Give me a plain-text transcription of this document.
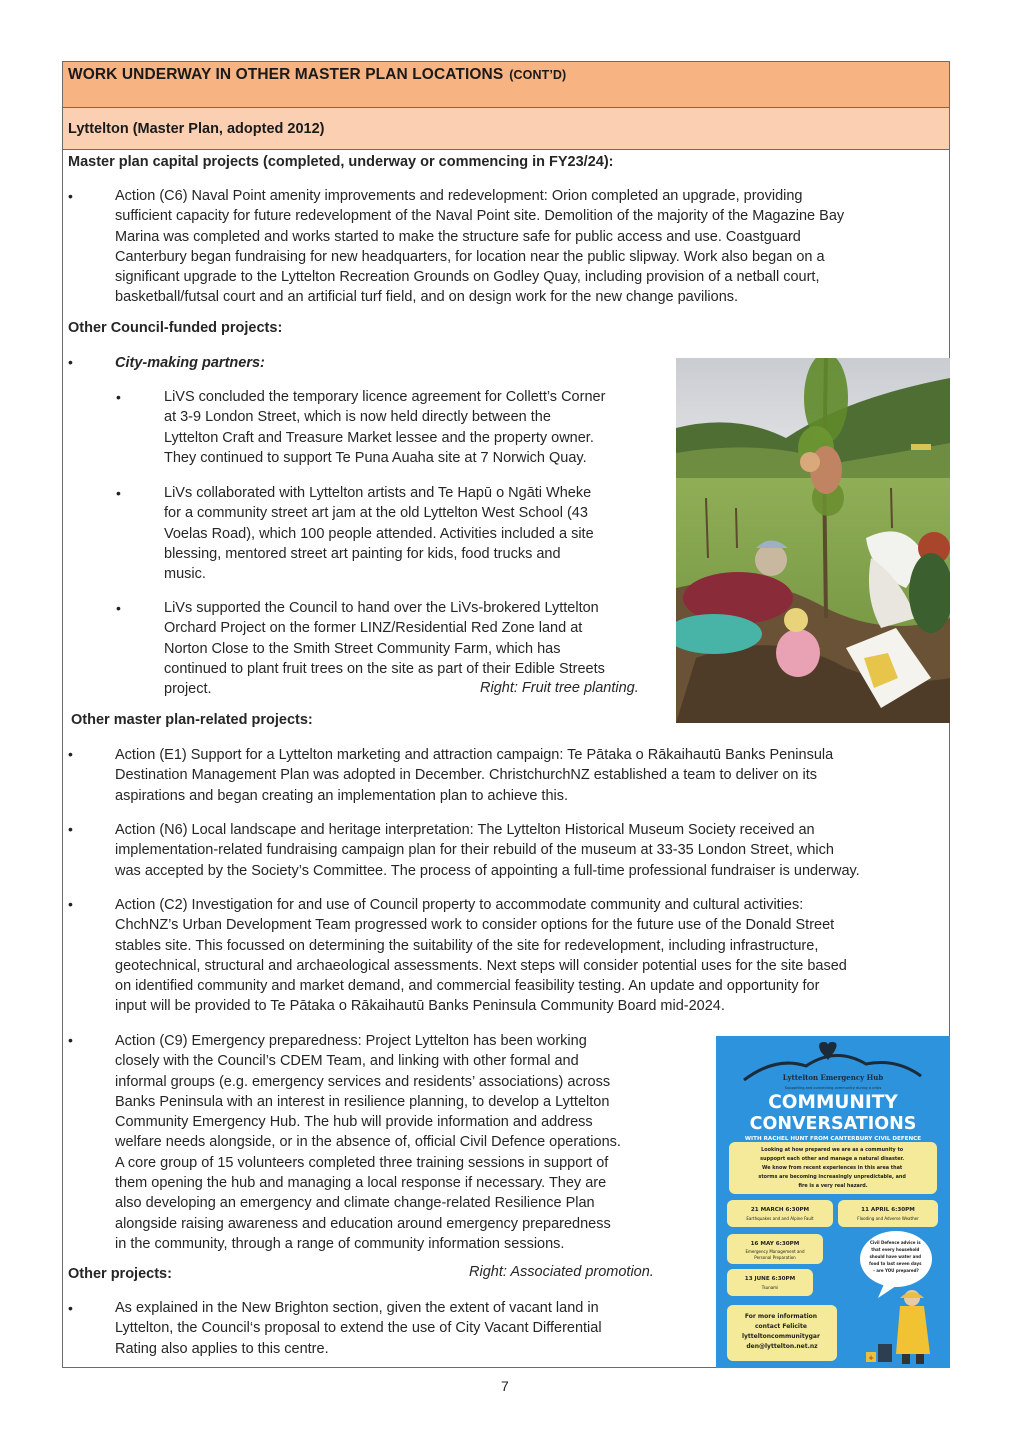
WORK UNDERWAY IN OTHER MASTER PLAN LOCATIONS (CONT’D)
Lyttelton (Master Plan, adopted 2012)
Master plan capital projects (completed, underway or commencing in FY23/24):
•	Action (C6) Naval Point amenity improvements and redevelopment: Orion completed an upgrade, providing
sufficient capacity for future redevelopment of the Naval Point site. Demolition of the majority of the Magazine Bay
Marina was completed and works started to make the structure safe for public access and use. Coastguard
Canterbury began fundraising for new headquarters, for location near the public slipway. Work also began on a
significant upgrade to the Lyttelton Recreation Grounds on Godley Quay, including provision of a netball court,
basketball/futsal court and an artificial turf field, and on design work for the new change pavilions.
Other Council-funded projects:
•	City-making partners:
•	LiVS concluded the temporary licence agreement for Collett’s Corner
at 3-9 London Street, which is now held directly between the
Lyttelton Craft and Treasure Market lessee and the property owner.
They continued to support Te Puna Auaha site at 7 Norwich Quay.
•	LiVs collaborated with Lyttelton artists and Te Hapū o Ngāti Wheke
for a community street art jam at the old Lyttelton West School (43
Voelas Road), which 100 people attended. Activities included a site
blessing, mentored street art painting for kids, food trucks and
music.
•	LiVs supported the Council to hand over the LiVs-brokered Lyttelton
Orchard Project on the former LINZ/Residential Red Zone land at
Norton Close to the Smith Street Community Farm, which has
continued to plant fruit trees on the site as part of their Edible Streets
project.	Right: Fruit tree planting.
Other master plan-related projects:
•	Action (E1) Support for a Lyttelton marketing and attraction campaign: Te Pātaka o Rākaihautū Banks Peninsula
Destination Management Plan was adopted in December. ChristchurchNZ established a team to deliver on its
aspirations and began creating an implementation plan to achieve this.
•	Action (N6) Local landscape and heritage interpretation: The Lyttelton Historical Museum Society received an
implementation-related fundraising campaign plan for their rebuild of the museum at 33-35 London Street, which
was accepted by the Society’s Committee. The process of appointing a full-time professional fundraiser is underway.
•	Action (C2) Investigation for and use of Council property to accommodate community and cultural activities:
ChchNZ’s Urban Development Team progressed work to consider options for the future use of the Donald Street
stables site. This focussed on determining the suitability of the site for redevelopment, including infrastructure,
geotechnical, structural and archaeological assessments. Next steps will consider potential uses for the site based
on identified community and market demand, and commercial feasibility testing. An update and opportunity for
input will be provided to Te Pātaka o Rākaihautū Banks Peninsula Community Board mid-2024.
•	Action (C9) Emergency preparedness: Project Lyttelton has been working
closely with the Council’s CDEM Team, and linking with other formal and
informal groups (e.g. emergency services and residents’ associations) across
Banks Peninsula with an interest in resilience planning, to develop a Lyttelton
Community Emergency Hub. The hub will provide information and address
welfare needs alongside, or in the absence of, official Civil Defence operations.
A core group of 15 volunteers completed three training sessions in support of
them opening the hub and managing a local response if necessary. They are
also developing an emergency and climate change-related Resilience Plan
alongside raising awareness and education around emergency preparedness
in the community, through a range of community information sessions.
Other projects:	Right: Associated promotion.
•	As explained in the New Brighton section, given the extent of vacant land in
Lyttelton, the Council‘s proposal to extend the use of City Vacant Differential
Rating also applies to this centre.
Lyttelton Emergency Hub
Supporting and connecting community during a crisis
COMMUNITY
CONVERSATIONS
WITH RACHEL HUNT FROM CANTERBURY CIVIL DEFENCE
Looking at how prepared we are as a community to suppoprt each other and manage a natural disaster. We know from recent experiences in this area that storms are becoming increasingly unpredictable, and fire is a very real hazard.
21 MARCH 6:30PM
Earthquakes and and Alpine Fault
11 APRIL 6:30PM
Flooding and Adverse Weather
16 MAY 6:30PM
Emergency Management and
Personal Preparation
13 JUNE 6:30PM
Tsunami
Civil Defence advice is that every household should have water and food to last seven days - are YOU prepared?
For more information contact Felicite lytteltoncommunitygar den@lyttelton.net.nz
+
7
